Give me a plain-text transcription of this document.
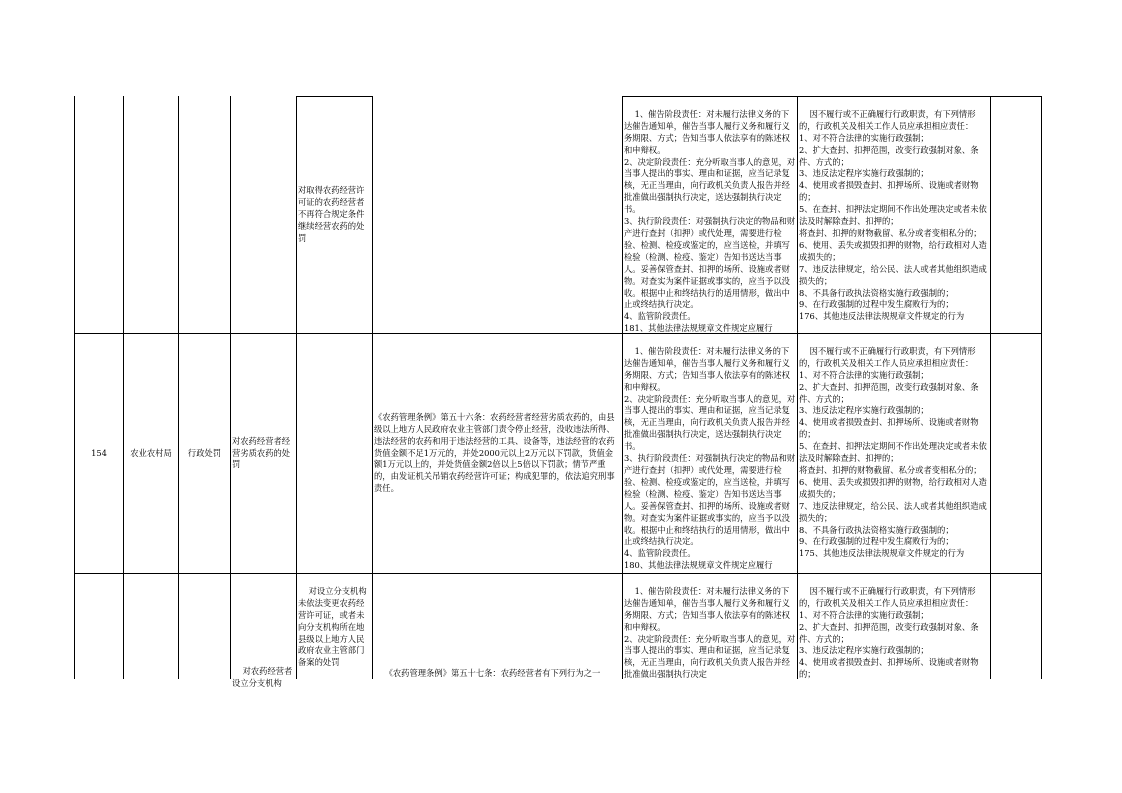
对取得农药经营许可证的农药经营者不再符合规定条件继续经营农药的处罚

1、催告阶段责任：对未履行法律义务的下达催告通知单，催告当事人履行义务和履行义务期限、方式；告知当事人依法享有的陈述权和申辩权。
2、决定阶段责任：充分听取当事人的意见，对当事人提出的事实、理由和证据，应当记录复核，无正当理由，向行政机关负责人报告并经批准做出强制执行决定，送达强制执行决定书。
3、执行阶段责任：对强制执行决定的物品和财产进行查封（扣押）或代处理，需要进行检验、检测、检疫或鉴定的，应当送检，并填写检验（检测、检疫、鉴定）告知书送达当事人。妥善保管查封、扣押的场所、设施或者财物。对查实为案件证据或事实的，应当予以没收。根据中止和终结执行的适用情形，做出中止或终结执行决定。
4、监管阶段责任。
181、其他法律法规规章文件规定应履行

因不履行或不正确履行行政职责，有下列情形的，行政机关及相关工作人员应承担相应责任：  1、对不符合法律的实施行政强制；
2、扩大查封、扣押范围，改变行政强制对象、条件、方式的；
3、违反法定程序实施行政强制的；
4、使用或者损毁查封、扣押场所、设施或者财物的；
5、在查封、扣押法定期间不作出处理决定或者未依法及时解除查封、扣押的；
将查封、扣押的财物截留、私分或者变相私分的；
6、使用、丢失或损毁扣押的财物，给行政相对人造成损失的；
7、违反法律规定，给公民、法人或者其他组织造成损失的；
8、不具备行政执法资格实施行政强制的；
9、在行政强制的过程中发生腐败行为的；
176、其他违反法律法规规章文件规定的行为

154	农业农村局 行政处罚
对农药经营者经营劣质农药的处罚
《农药管理条例》第五十六条：农药经营者经营劣质农药的，由县级以上地方人民政府农业主管部门责令停止经营，没收违法所得、违法经营的农药和用于违法经营的工具、设备等，违法经营的农药货值金额不足1万元的，并处2000元以上2万元以下罚款，货值金额1万元以上的，并处货值金额2倍以上5倍以下罚款；情节严重的，由发证机关吊销农药经营许可证；构成犯罪的，依法追究刑事责任。

1、催告阶段责任：对未履行法律义务的下达催告通知单，催告当事人履行义务和履行义务期限、方式；告知当事人依法享有的陈述权和申辩权。
2、决定阶段责任：充分听取当事人的意见，对当事人提出的事实、理由和证据，应当记录复核，无正当理由，向行政机关负责人报告并经批准做出强制执行决定，送达强制执行决定书。
3、执行阶段责任：对强制执行决定的物品和财产进行查封（扣押）或代处理，需要进行检验、检测、检疫或鉴定的，应当送检，并填写检验（检测、检疫、鉴定）告知书送达当事人。妥善保管查封、扣押的场所、设施或者财物。对查实为案件证据或事实的，应当予以没收。根据中止和终结执行的适用情形，做出中止或终结执行决定。
4、监管阶段责任。
180、其他法律法规规章文件规定应履行

因不履行或不正确履行行政职责，有下列情形的，行政机关及相关工作人员应承担相应责任：  1、对不符合法律的实施行政强制；
2、扩大查封、扣押范围，改变行政强制对象、条件、方式的；
3、违反法定程序实施行政强制的；
4、使用或者损毁查封、扣押场所、设施或者财物的；
5、在查封、扣押法定期间不作出处理决定或者未依法及时解除查封、扣押的；
将查封、扣押的财物截留、私分或者变相私分的；
6、使用、丢失或损毁扣押的财物，给行政相对人造成损失的；
7、违反法律规定，给公民、法人或者其他组织造成损失的；
8、不具备行政执法资格实施行政强制的；
9、在行政强制的过程中发生腐败行为的；
175、其他违反法律法规规章文件规定的行为

对农药经营者设立分支机构

对设立分支机构未依法变更农药经营许可证，或者未向分支机构所在地县级以上地方人民政府农业主管部门备案的处罚

《农药管理条例》第五十七条：农药经营者有下列行为之一

1、催告阶段责任：对未履行法律义务的下达催告通知单，催告当事人履行义务和履行义务期限、方式；告知当事人依法享有的陈述权和申辩权。
2、决定阶段责任：充分听取当事人的意见，对当事人提出的事实、理由和证据，应当记录复核，无正当理由，向行政机关负责人报告并经批准做出强制执行决定

因不履行或不正确履行行政职责，有下列情形的，行政机关及相关工作人员应承担相应责任：  1、对不符合法律的实施行政强制；
2、扩大查封、扣押范围，改变行政强制对象、条件、方式的；
3、违反法定程序实施行政强制的；
4、使用或者损毁查封、扣押场所、设施或者财物的；
